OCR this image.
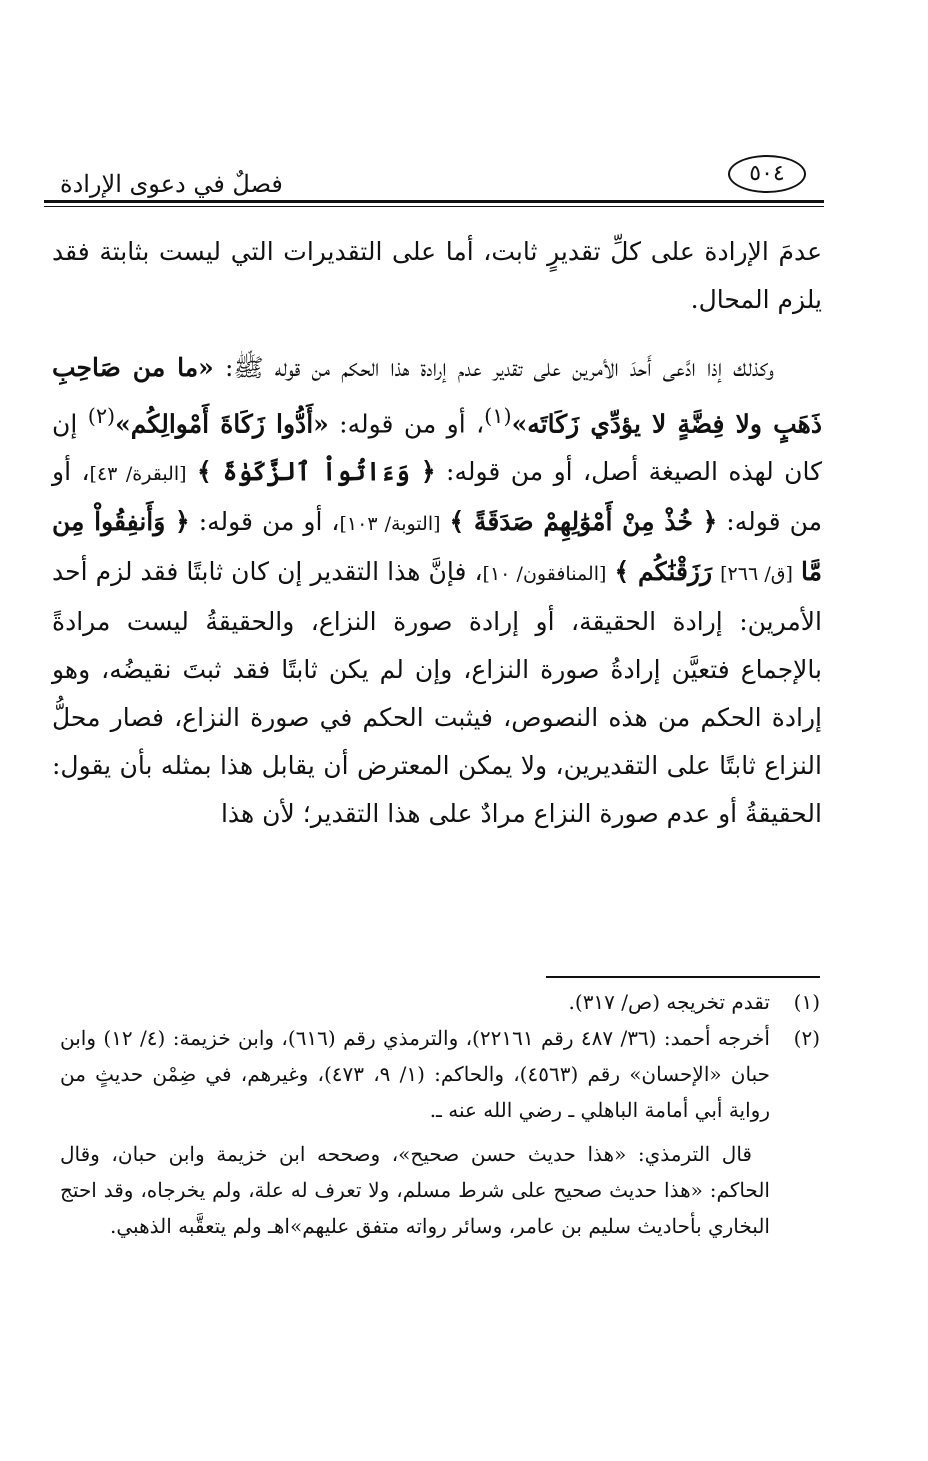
فصلٌ في دعوى الإرادة	٥٠٤

عدمَ الإرادة على كلِّ تقديرٍ ثابت، أما على التقديرات التي ليست بثابتة فقد يلزم المحال.

وكذلك إذا ادَّعى أَحدَ الأمرين على تقدير عدم إرادة هذا الحكم من قوله ﷺ: «ما من صَاحِبِ ذَهَبٍ ولا فِضَّةٍ لا يؤدِّي زَكَاتَه»$^{(١)}$، أو من قوله: «أَدُّوا زَكَاةَ أَمْوالِكُم»$^{(٢)}$ إن كان لهذه الصيغة أصل، أو من قوله: ﴿ وَءَاتُواْ ٱلزَّكَوٰةَ ﴾ [البقرة/ ٤٣]، أو من قوله: ﴿ خُذْ مِنْ أَمْوَٰلِهِمْ صَدَقَةً ﴾ [التوبة/ ١٠٣]، أو من قوله: ﴿ وَأَنفِقُواْ مِن مَّا [ق/ ٢٦٦] رَزَقْنَٰكُم ﴾ [المنافقون/ ١٠]، فإنَّ هذا التقدير إن كان ثابتًا فقد لزم أحد الأمرين: إرادة الحقيقة، أو إرادة صورة النزاع، والحقيقةُ ليست مرادةً بالإجماع فتعيَّن إرادةُ صورة النزاع، وإن لم يكن ثابتًا فقد ثبتَ نقيضُه، وهو إرادة الحكم من هذه النصوص، فيثبت الحكم في صورة النزاع، فصار محلُّ النزاع ثابتًا على التقديرين، ولا يمكن المعترض أن يقابل هذا بمثله بأن يقول: الحقيقةُ أو عدم صورة النزاع مرادٌ على هذا التقدير؛ لأن هذا

(١)
تقدم تخريجه (ص/ ٣١٧).
(٢)
أخرجه أحمد: (٣٦/ ٤٨٧ رقم ٢٢١٦١)، والترمذي رقم (٦١٦)، وابن خزيمة: (٤/ ١٢) وابن حبان «الإحسان» رقم (٤٥٦٣)، والحاكم: (١/ ٩، ٤٧٣)، وغيرهم، في ضِمْن حديثٍ من رواية أبي أمامة الباهلي ـ رضي الله عنه ـ.

قال الترمذي: «هذا حديث حسن صحيح»، وصححه ابن خزيمة وابن حبان، وقال الحاكم: «هذا حديث صحيح على شرط مسلم، ولا تعرف له علة، ولم يخرجاه، وقد احتج البخاري بأحاديث سليم بن عامر، وسائر رواته متفق عليهم»اهـ ولم يتعقَّبه الذهبي.
